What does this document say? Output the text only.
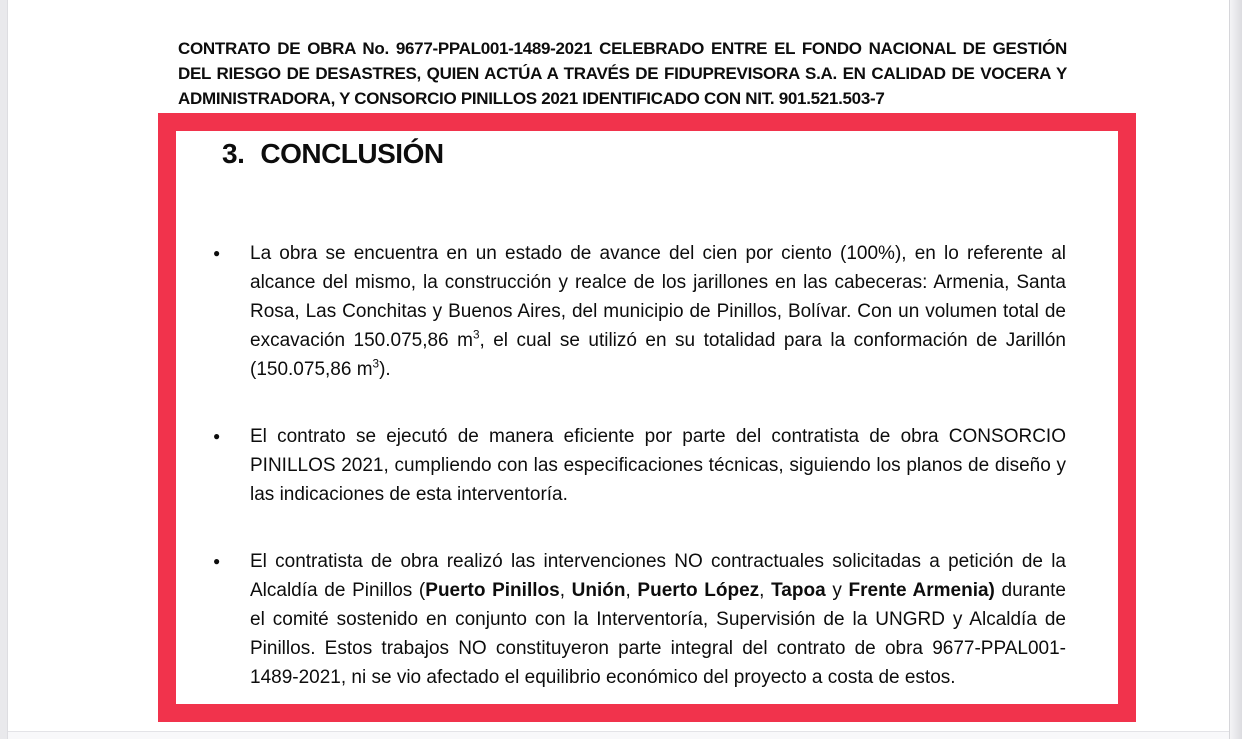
CONTRATO DE OBRA No. 9677-PPAL001-1489-2021 CELEBRADO ENTRE EL FONDO NACIONAL DE GESTIÓN DEL RIESGO DE DESASTRES, QUIEN ACTÚA A TRAVÉS DE FIDUPREVISORA S.A. EN CALIDAD DE VOCERA Y ADMINISTRADORA, Y CONSORCIO PINILLOS 2021 IDENTIFICADO CON NIT. 901.521.503-7
3. CONCLUSIÓN
● La obra se encuentra en un estado de avance del cien por ciento (100%), en lo referente al alcance del mismo, la construcción y realce de los jarillones en las cabeceras: Armenia, Santa Rosa, Las Conchitas y Buenos Aires, del municipio de Pinillos, Bolívar. Con un volumen total de excavación 150.075,86 $m^3$, el cual se utilizó en su totalidad para la conformación de Jarillón (150.075,86 $m^3$).
● El contrato se ejecutó de manera eficiente por parte del contratista de obra CONSORCIO PINILLOS 2021, cumpliendo con las especificaciones técnicas, siguiendo los planos de diseño y las indicaciones de esta interventoría.
● El contratista de obra realizó las intervenciones NO contractuales solicitadas a petición de la Alcaldía de Pinillos (Puerto Pinillos, Unión, Puerto López, Tapoa y Frente Armenia) durante el comité sostenido en conjunto con la Interventoría, Supervisión de la UNGRD y Alcaldía de Pinillos. Estos trabajos NO constituyeron parte integral del contrato de obra 9677-PPAL001-1489-2021, ni se vio afectado el equilibrio económico del proyecto a costa de estos.
